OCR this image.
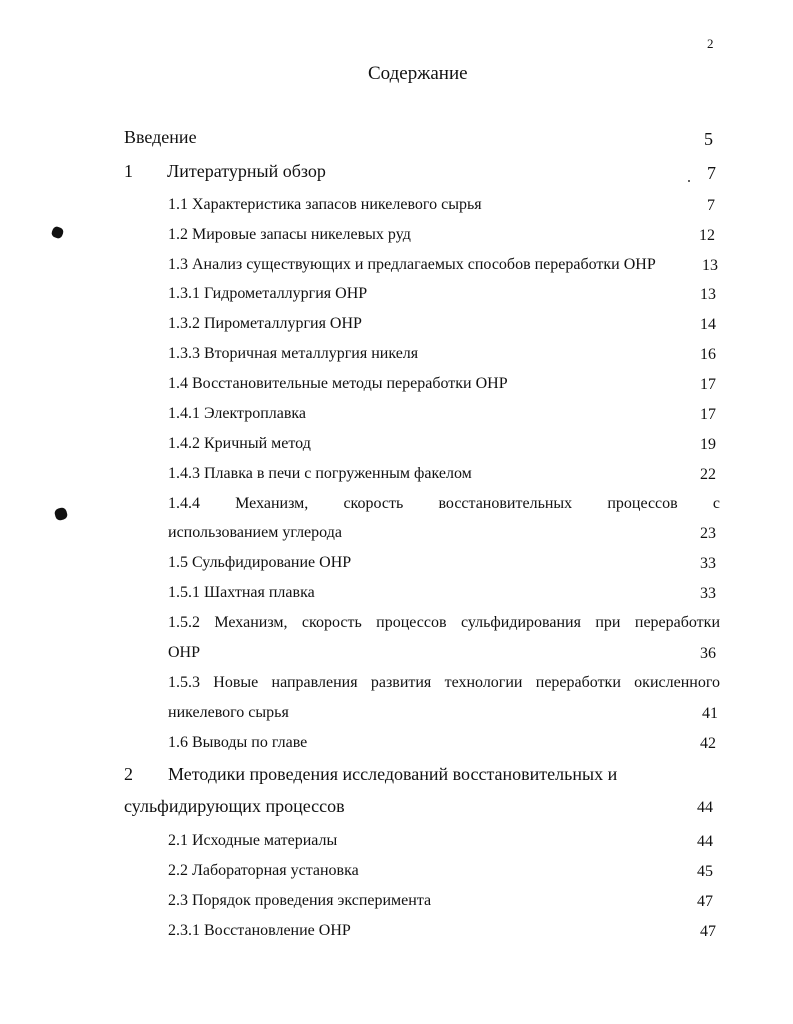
2
Содержание
Введение	5
1 Литературный обзор	7
1.1 Характеристика запасов никелевого сырья	7
1.2 Мировые запасы никелевых руд	12
1.3 Анализ существующих и предлагаемых способов переработки ОНР	13
1.3.1 Гидрометаллургия ОНР	13
1.3.2 Пирометаллургия ОНР	14
1.3.3 Вторичная металлургия никеля	16
1.4 Восстановительные методы переработки ОНР	17
1.4.1 Электроплавка	17
1.4.2 Кричный метод	19
1.4.3 Плавка в печи с погруженным факелом	22
1.4.4 Механизм, скорость восстановительных процессов с
использованием углерода	23
1.5 Сульфидирование ОНР	33
1.5.1 Шахтная плавка	33
1.5.2 Механизм, скорость процессов сульфидирования при переработки
ОНР	36
1.5.3 Новые направления развития технологии переработки окисленного
никелевого сырья	41
1.6 Выводы по главе	42
2 Методики проведения исследований восстановительных и
сульфидирующих процессов	44
2.1 Исходные материалы	44
2.2 Лабораторная установка	45
2.3 Порядок проведения эксперимента	47
2.3.1 Восстановление ОНР	47
